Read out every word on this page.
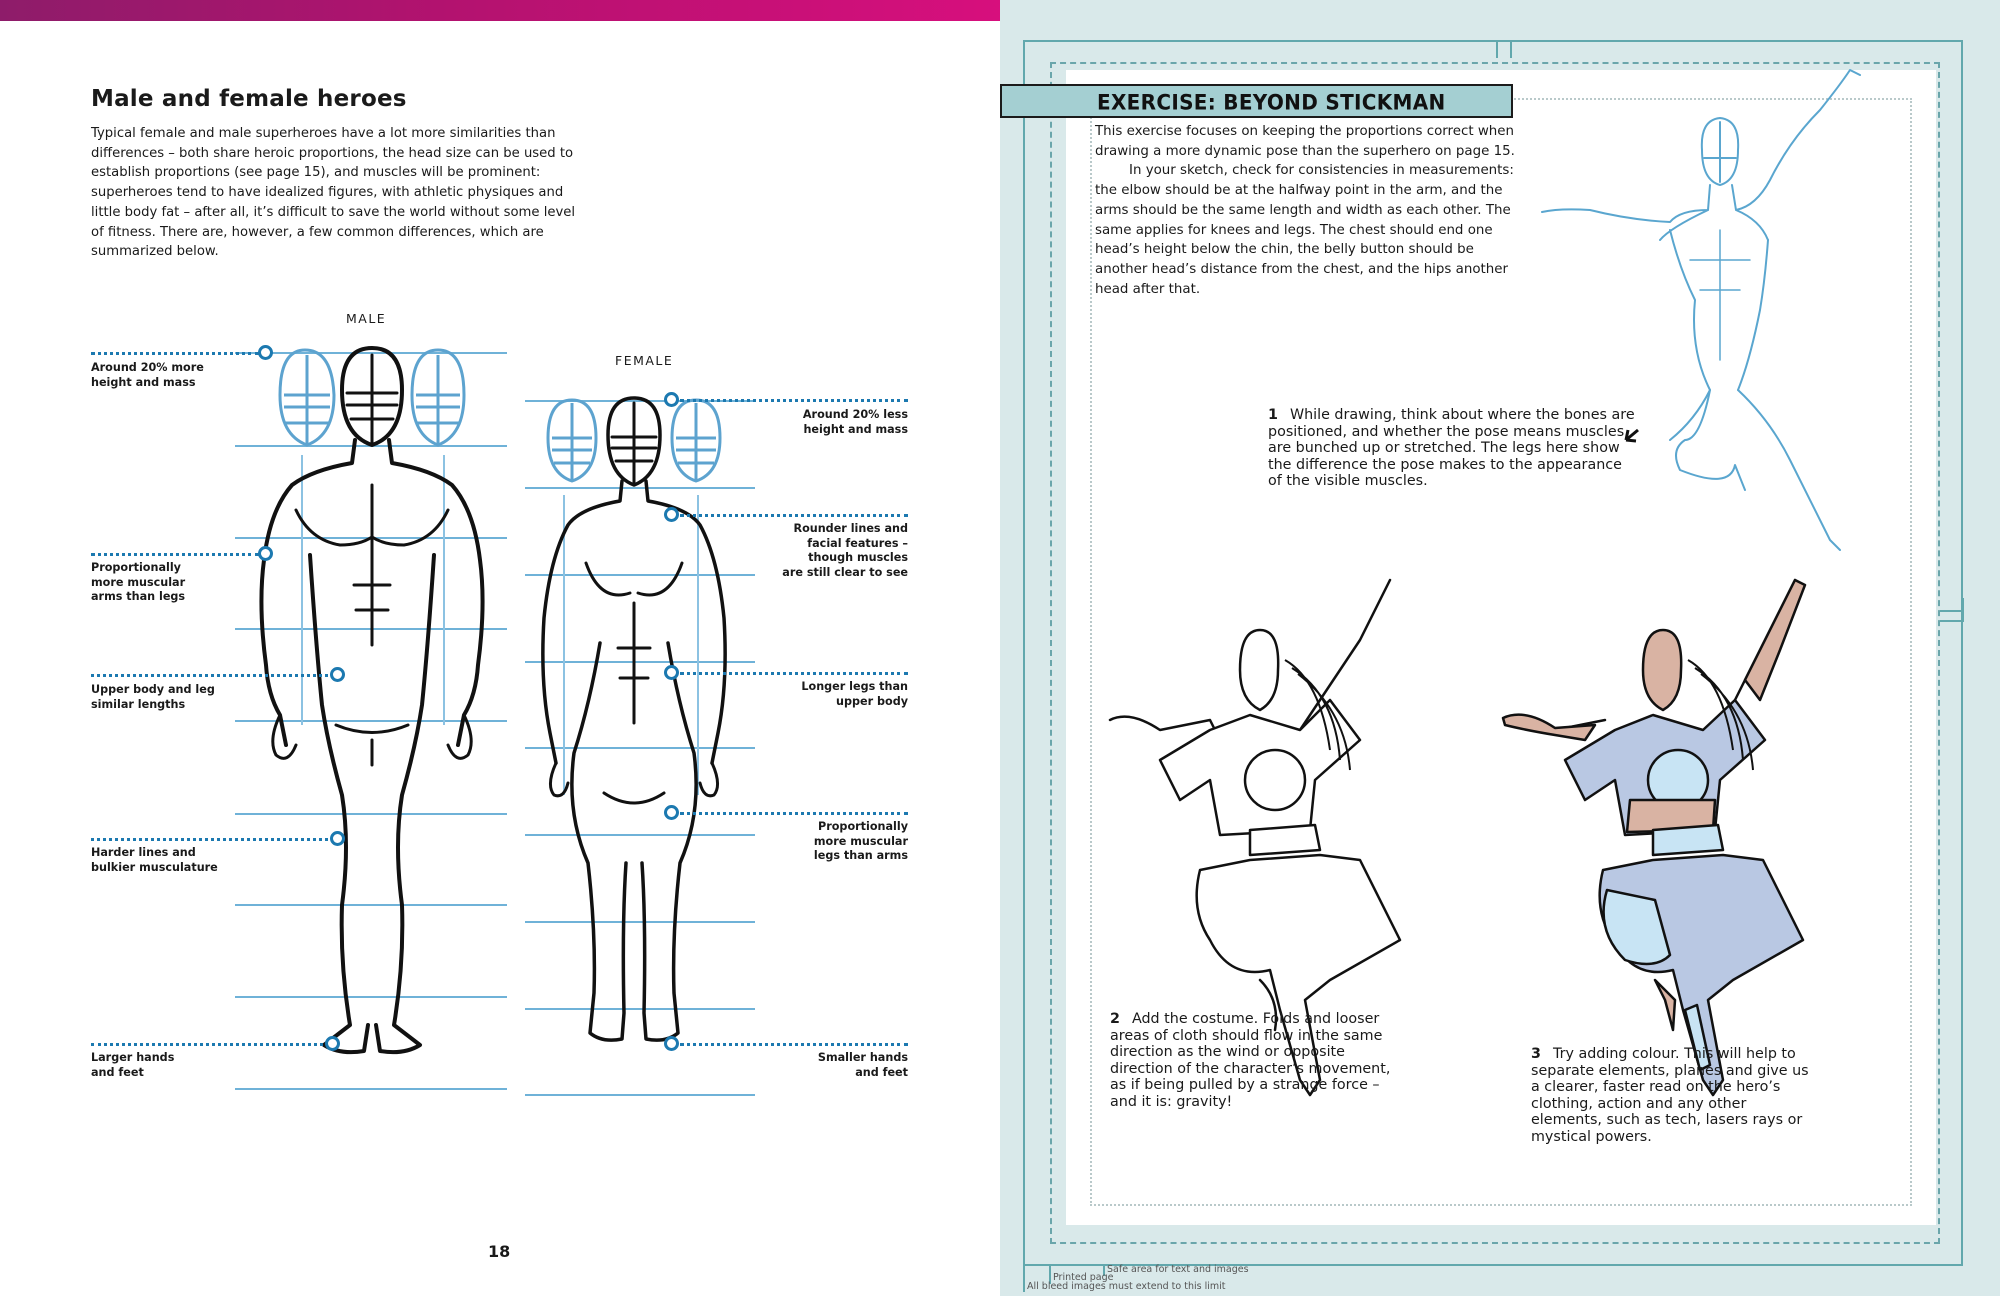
Male and female heroes

Typical female and male superheroes have a lot more similarities than differences – both share heroic proportions, the head size can be used to establish proportions (see page 15), and muscles will be prominent: superheroes tend to have idealized figures, with athletic physiques and little body fat – after all, it’s difficult to save the world without some level of fitness. There are, however, a few common differences, which are summarized below.

MALE
FEMALE
Around 20% more
height and mass
Proportionally
more muscular
arms than legs
Upper body and leg
similar lengths
Harder lines and
bulkier musculature
Larger hands
and feet
Around 20% less
height and mass
Rounder lines and
facial features –
though muscles
are still clear to see
Longer legs than
upper body
Proportionally
more muscular
legs than arms
Smaller hands
and feet
18
EXERCISE: BEYOND STICKMAN

This exercise focuses on keeping the proportions correct when drawing a more dynamic pose than the superhero on page 15.

In your sketch, check for consistencies in measurements: the elbow should be at the halfway point in the arm, and the arms should be the same length and width as each other. The same applies for knees and legs. The chest should end one head’s height below the chin, the belly button should be another head’s distance from the chest, and the hips another head after that.

1 While drawing, think about where the bones are positioned, and whether the pose means muscles are bunched up or stretched. The legs here show the difference the pose makes to the appearance of the visible muscles.
2 Add the costume. Folds and looser areas of cloth should flow in the same direction as the wind or opposite direction of the character’s movement, as if being pulled by a strange force – and it is: gravity!
3 Try adding colour. This will help to separate elements, planes and give us a clearer, faster read on the hero’s clothing, action and any other elements, such as tech, lasers rays or mystical powers.
Safe area for text and images
Printed page
All bleed images must extend to this limit
